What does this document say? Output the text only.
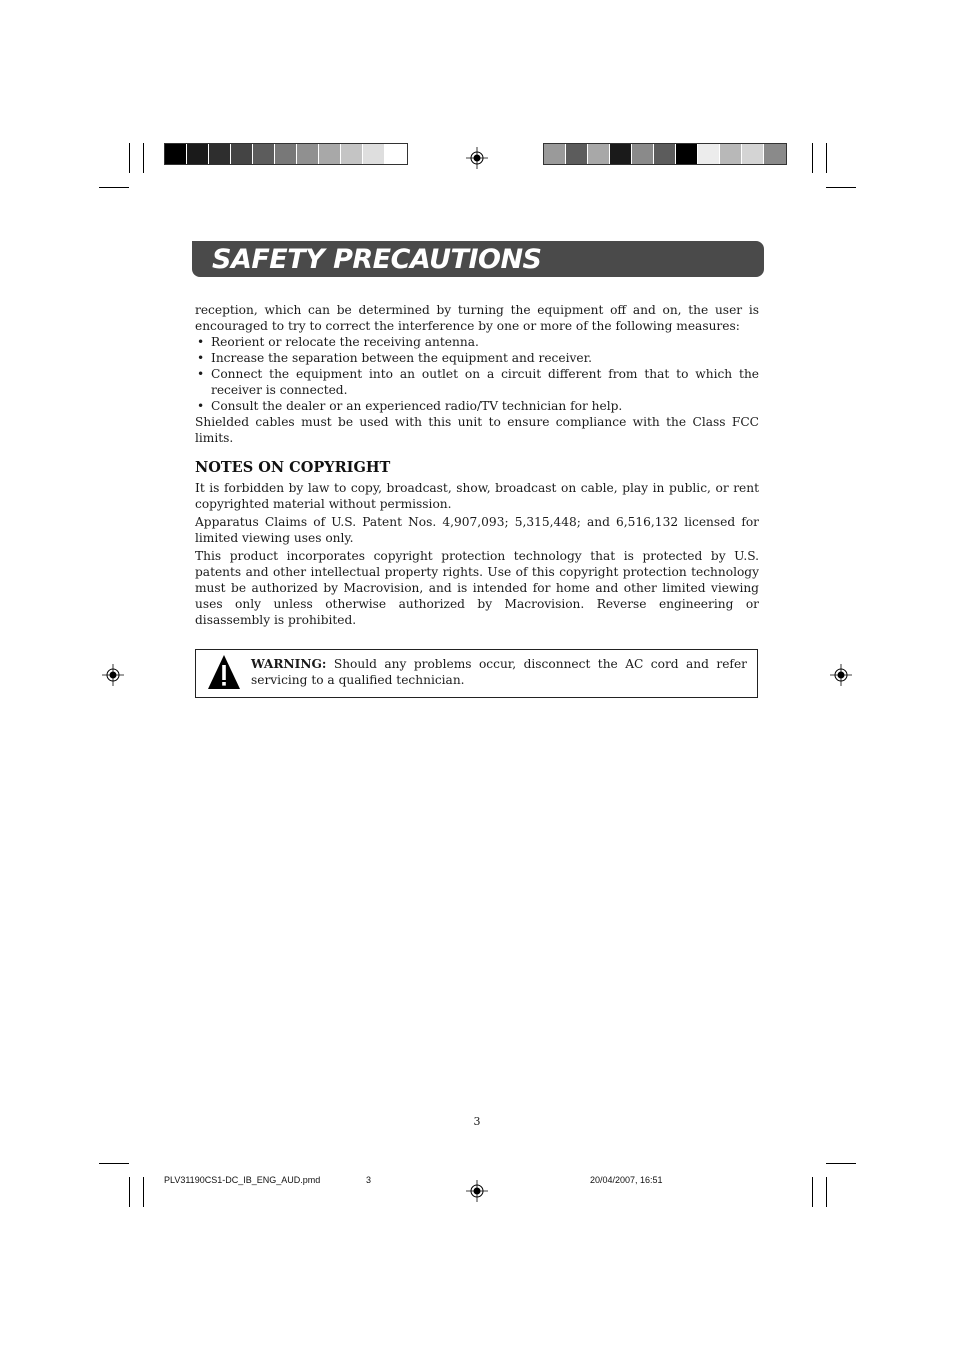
SAFETY PRECAUTIONS

reception, which can be determined by turning the equipment off and on, the user is encouraged to try to correct the interference by one or more of the following measures:

• Reorient or relocate the receiving antenna.
• Increase the separation between the equipment and receiver.
• Connect the equipment into an outlet on a circuit different from that to which the receiver is connected.
• Consult the dealer or an experienced radio/TV technician for help.

Shielded cables must be used with this unit to ensure compliance with the Class FCC limits.

NOTES ON COPYRIGHT

It is forbidden by law to copy, broadcast, show, broadcast on cable, play in public, or rent copyrighted material without permission.

Apparatus Claims of U.S. Patent Nos. 4,907,093; 5,315,448; and 6,516,132 licensed for limited viewing uses only.

This product incorporates copyright protection technology that is protected by U.S. patents and other intellectual property rights. Use of this copyright protection technology must be authorized by Macrovision, and is intended for home and other limited viewing uses only unless otherwise authorized by Macrovision. Reverse engineering or disassembly is prohibited.

WARNING: Should any problems occur, disconnect the AC cord and refer servicing to a qualified technician.
3
PLV31190CS1-DC_IB_ENG_AUD.pmd	3	20/04/2007, 16:51
